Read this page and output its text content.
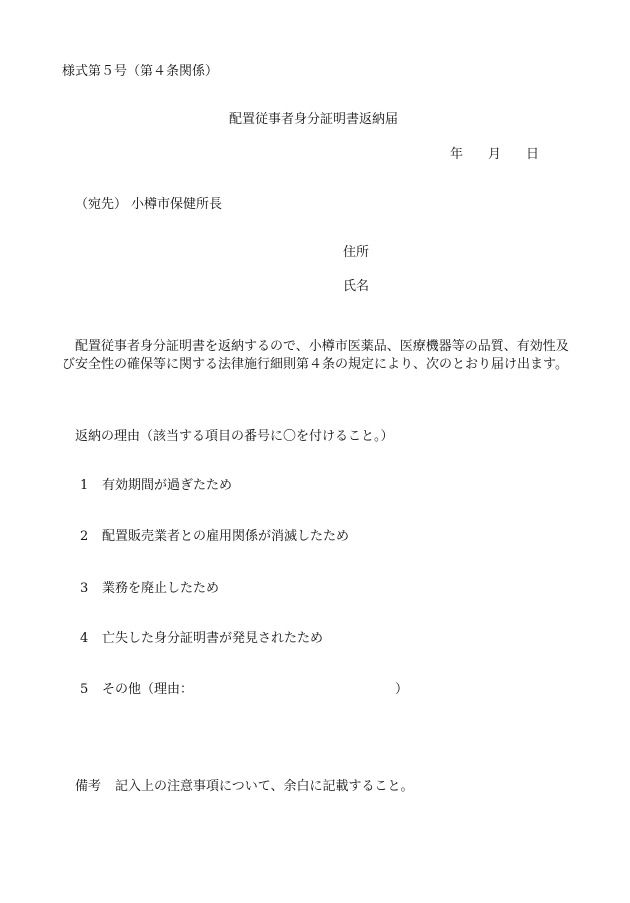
様式第５号（第４条関係）
配置従事者身分証明書返納届
年 月 日
（宛先） 小樽市保健所長
住所
氏名

配置従事者身分証明書を返納するので、小樽市医薬品、医療機器等の品質、有効性及び安全性の確保等に関する法律施行細則第４条の規定により、次のとおり届け出ます。

返納の理由（該当する項目の番号に〇を付けること。）
1 有効期間が過ぎたため
2 配置販売業者との雇用関係が消滅したため
3 業務を廃止したため
4 亡失した身分証明書が発見されたため
5 その他（理由：	）
備考 記入上の注意事項について、余白に記載すること。
